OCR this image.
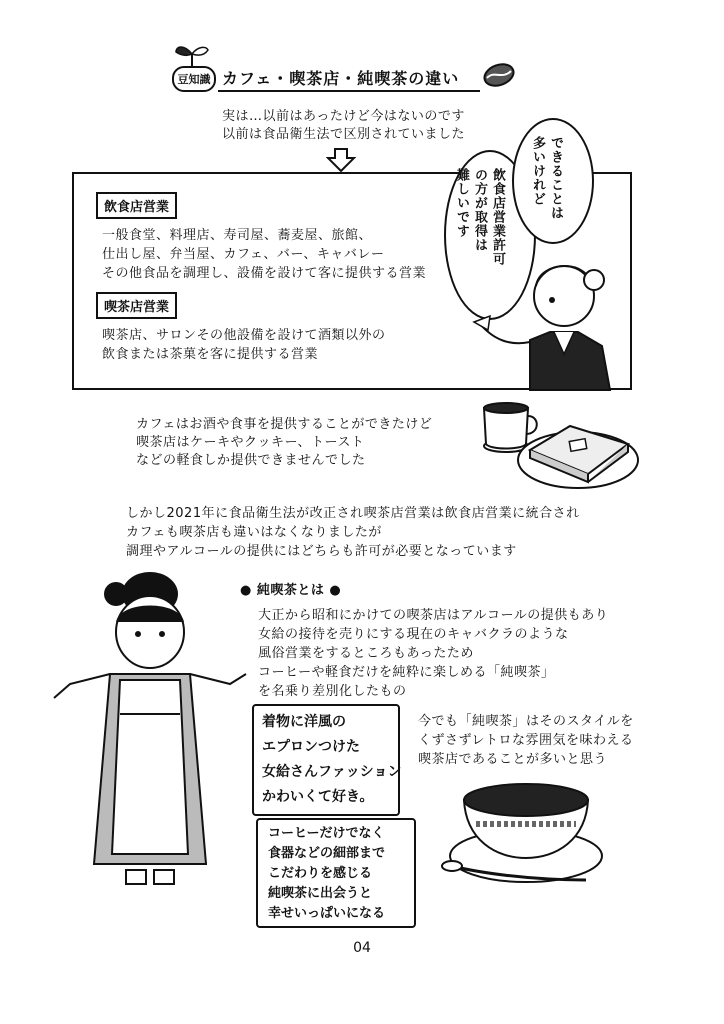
豆知識 カフェ・喫茶店・純喫茶の違い
実は…以前はあったけど今はないのです
以前は食品衛生法で区別されていました
飲食店営業
一般食堂、料理店、寿司屋、蕎麦屋、旅館、
仕出し屋、弁当屋、カフェ、バー、キャバレー
その他食品を調理し、設備を設けて客に提供する営業
喫茶店営業
喫茶店、サロンその他設備を設けて酒類以外の
飲食または茶菓を客に提供する営業
飲食店営業許可
の方が取得は
難しいです	できることは
多いけれど
カフェはお酒や食事を提供することができたけど
喫茶店はケーキやクッキー、トースト
などの軽食しか提供できませんでした
しかし2021年に食品衛生法が改正され喫茶店営業は飲食店営業に統合され
カフェも喫茶店も違いはなくなりましたが
調理やアルコールの提供にはどちらも許可が必要となっています
● 純喫茶とは ●
大正から昭和にかけての喫茶店はアルコールの提供もあり
女給の接待を売りにする現在のキャバクラのような
風俗営業をするところもあったため
コーヒーや軽食だけを純粋に楽しめる「純喫茶」
を名乗り差別化したもの
着物に洋風の
エプロンつけた
女給さんファッション
かわいくて好き。
今でも「純喫茶」はそのスタイルを
くずさずレトロな雰囲気を味わえる
喫茶店であることが多いと思う
コーヒーだけでなく
食器などの細部まで
こだわりを感じる
純喫茶に出会うと
幸せいっぱいになる
04
